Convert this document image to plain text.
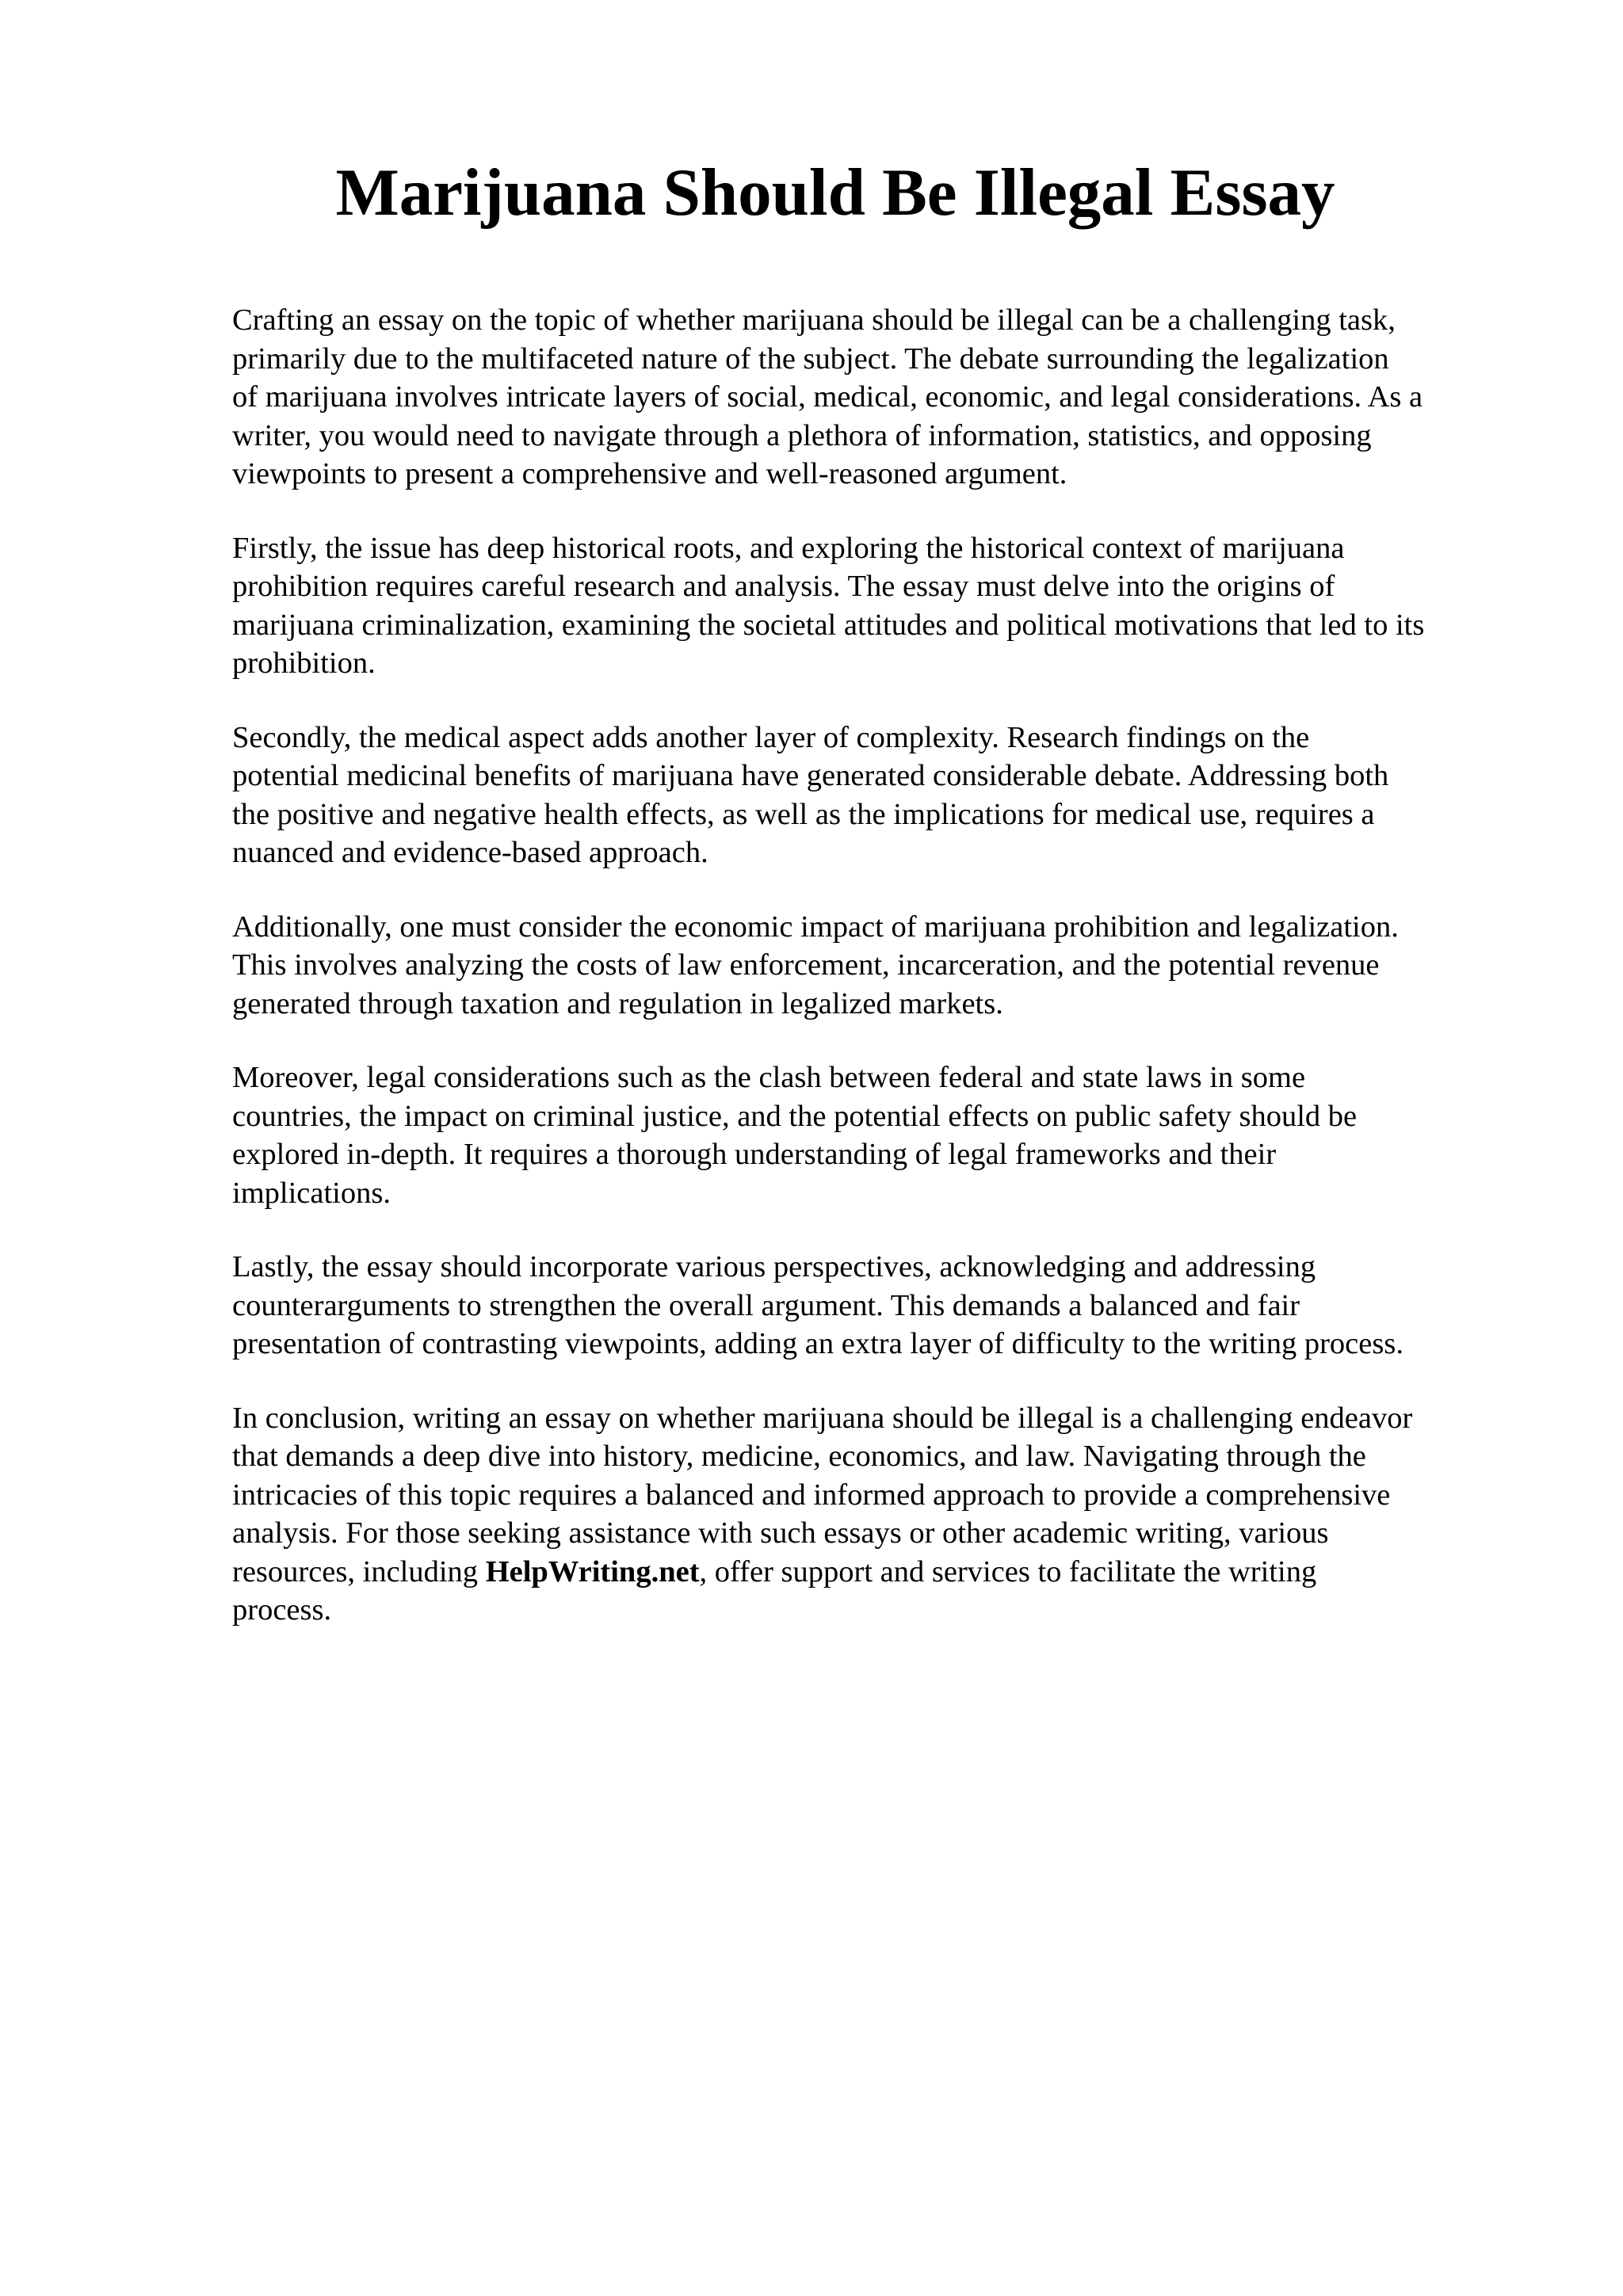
Marijuana Should Be Illegal Essay

Crafting an essay on the topic of whether marijuana should be illegal can be a challenging task,
primarily due to the multifaceted nature of the subject. The debate surrounding the legalization
of marijuana involves intricate layers of social, medical, economic, and legal considerations. As a
writer, you would need to navigate through a plethora of information, statistics, and opposing
viewpoints to present a comprehensive and well-reasoned argument.

Firstly, the issue has deep historical roots, and exploring the historical context of marijuana
prohibition requires careful research and analysis. The essay must delve into the origins of
marijuana criminalization, examining the societal attitudes and political motivations that led to its
prohibition.

Secondly, the medical aspect adds another layer of complexity. Research findings on the
potential medicinal benefits of marijuana have generated considerable debate. Addressing both
the positive and negative health effects, as well as the implications for medical use, requires a
nuanced and evidence-based approach.

Additionally, one must consider the economic impact of marijuana prohibition and legalization.
This involves analyzing the costs of law enforcement, incarceration, and the potential revenue
generated through taxation and regulation in legalized markets.

Moreover, legal considerations such as the clash between federal and state laws in some
countries, the impact on criminal justice, and the potential effects on public safety should be
explored in-depth. It requires a thorough understanding of legal frameworks and their
implications.

Lastly, the essay should incorporate various perspectives, acknowledging and addressing
counterarguments to strengthen the overall argument. This demands a balanced and fair
presentation of contrasting viewpoints, adding an extra layer of difficulty to the writing process.

In conclusion, writing an essay on whether marijuana should be illegal is a challenging endeavor
that demands a deep dive into history, medicine, economics, and law. Navigating through the
intricacies of this topic requires a balanced and informed approach to provide a comprehensive
analysis. For those seeking assistance with such essays or other academic writing, various
resources, including HelpWriting.net, offer support and services to facilitate the writing
process.
